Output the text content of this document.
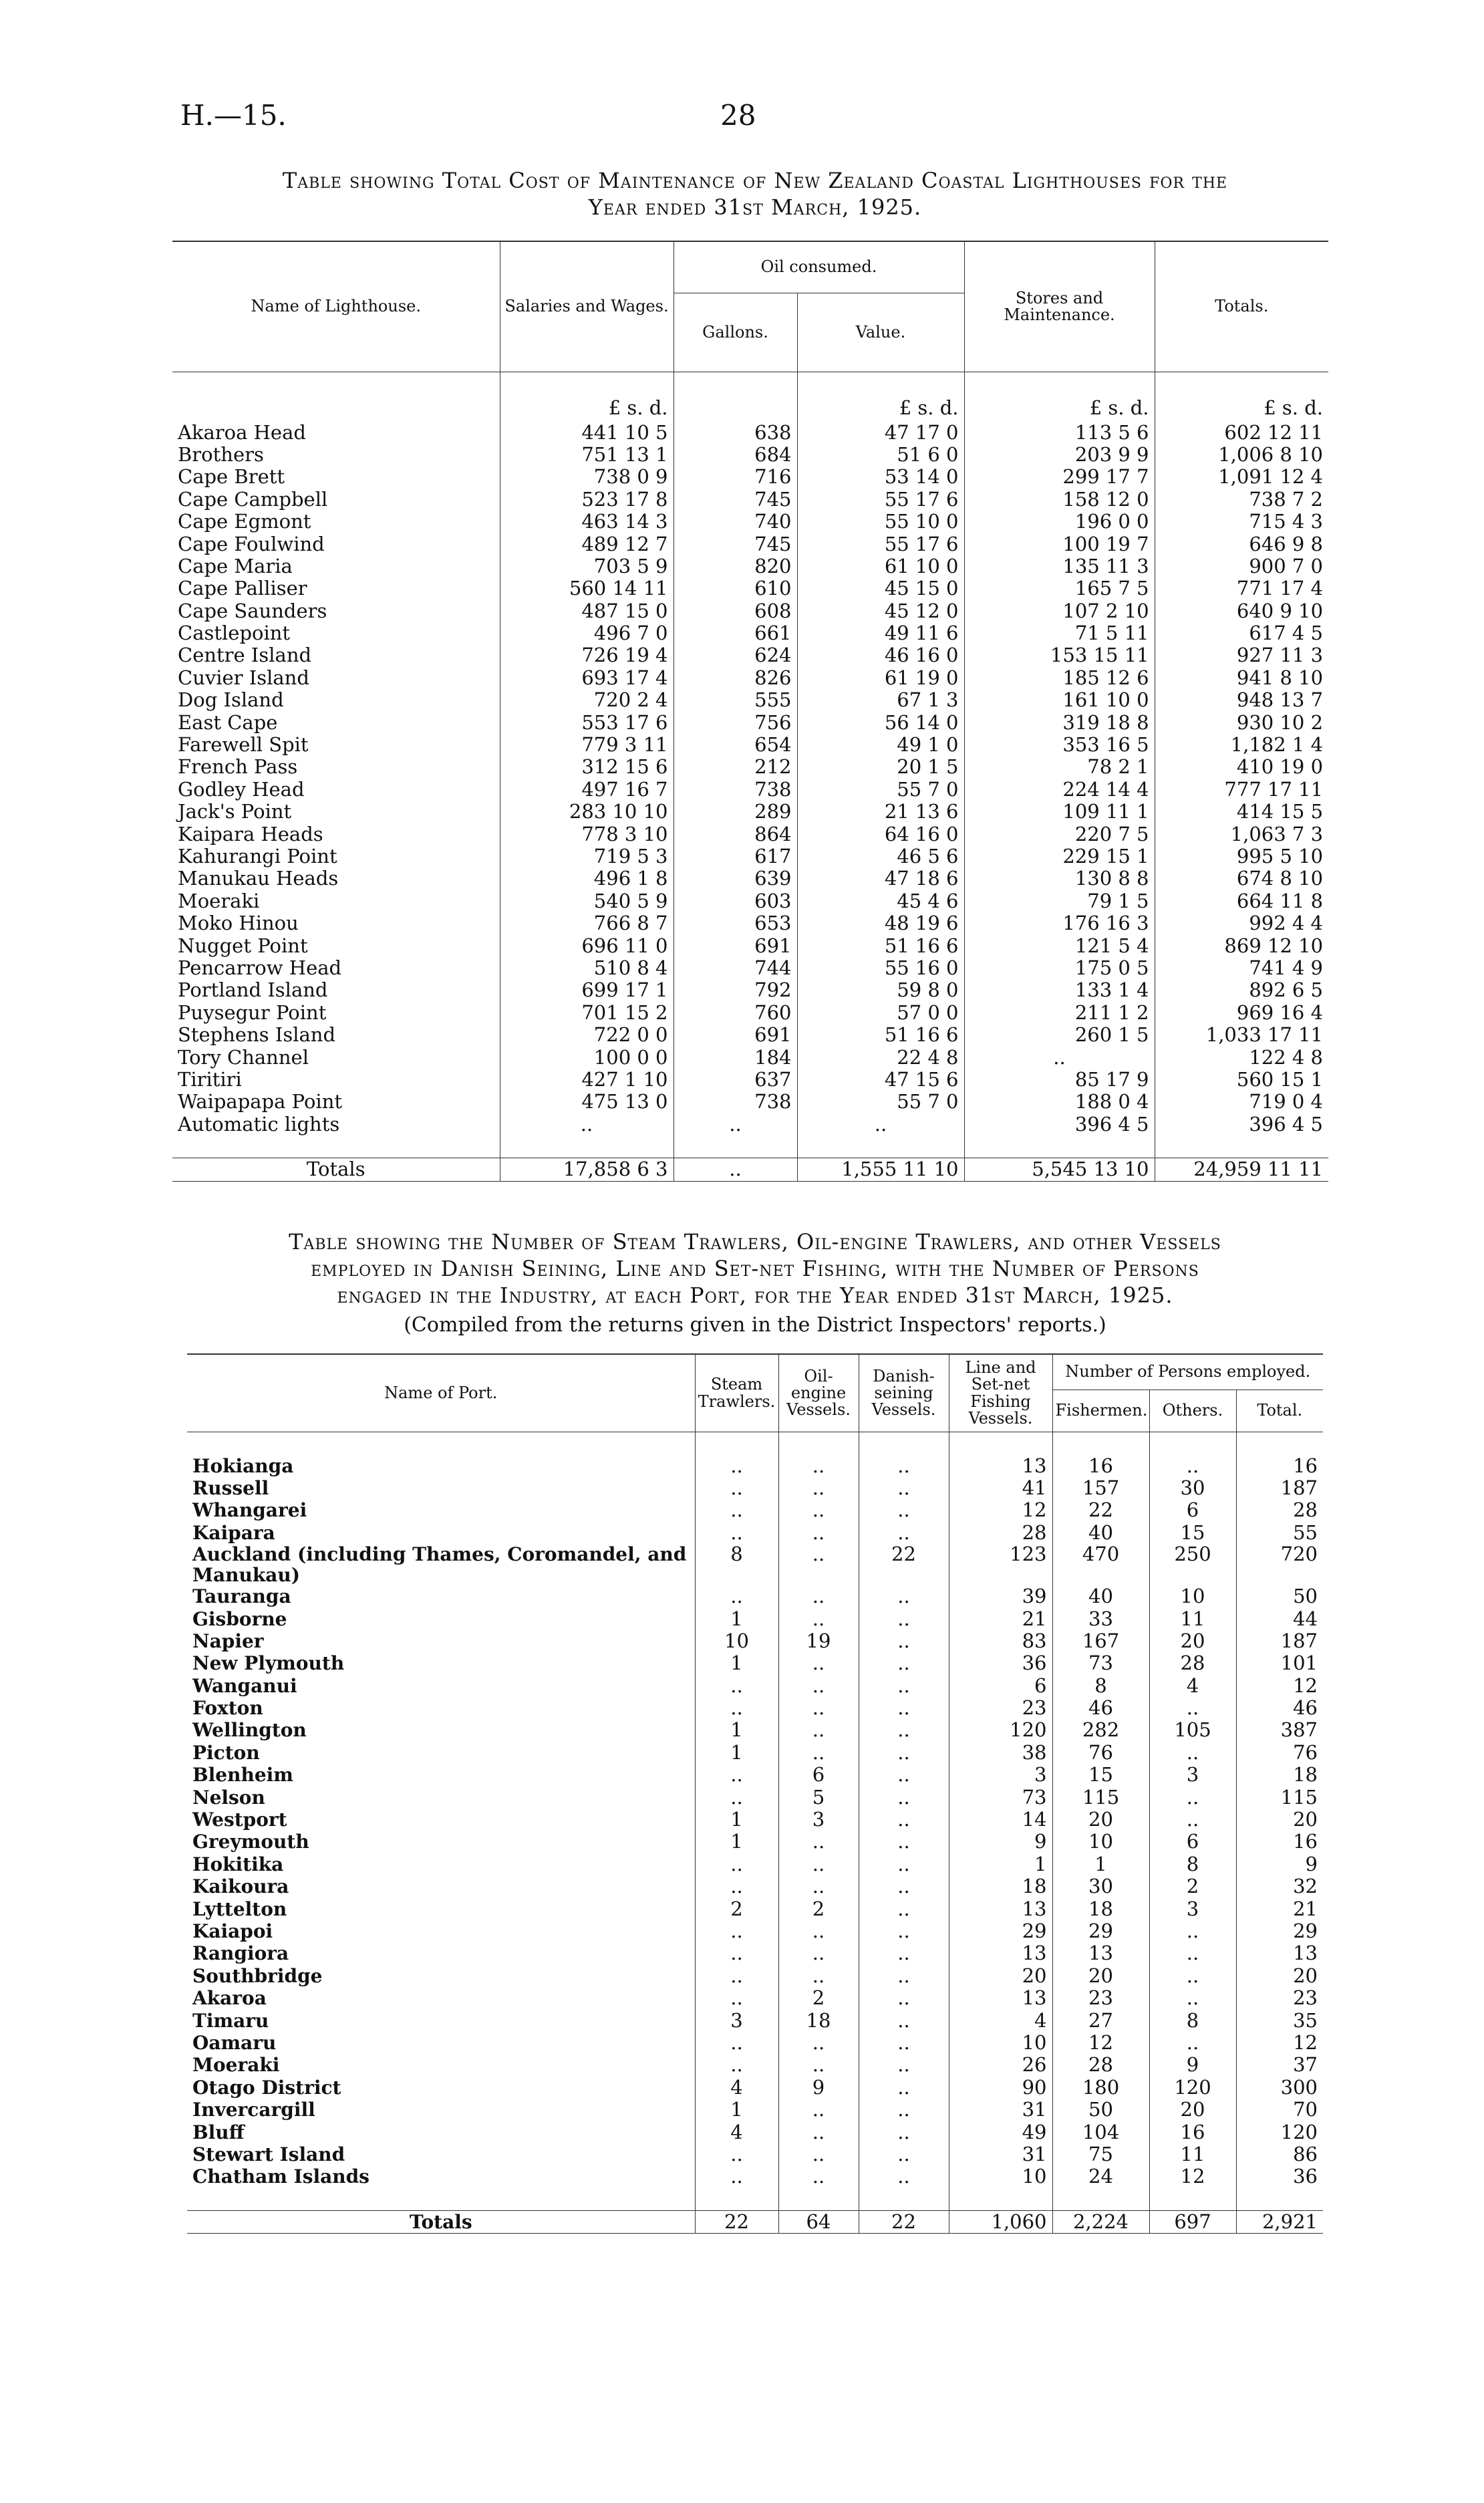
H.—15.	28
Table showing Total Cost of Maintenance of New Zealand Coastal Lighthouses for the
Year ended 31st March, 1925.
Name of Lighthouse.	Salaries and Wages.	Oil consumed.		Stores and Maintenance.	Totals.
		Gallons.	Value.		

	£ s. d.		£ s. d.	£ s. d.	£ s. d.
Akaroa Head	441 10 5	638	47 17 0	113 5 6	602 12 11
Brothers	751 13 1	684	51 6 0	203 9 9	1,006 8 10
Cape Brett	738 0 9	716	53 14 0	299 17 7	1,091 12 4
Cape Campbell	523 17 8	745	55 17 6	158 12 0	738 7 2
Cape Egmont	463 14 3	740	55 10 0	196 0 0	715 4 3
Cape Foulwind	489 12 7	745	55 17 6	100 19 7	646 9 8
Cape Maria	703 5 9	820	61 10 0	135 11 3	900 7 0
Cape Palliser	560 14 11	610	45 15 0	165 7 5	771 17 4
Cape Saunders	487 15 0	608	45 12 0	107 2 10	640 9 10
Castlepoint	496 7 0	661	49 11 6	71 5 11	617 4 5
Centre Island	726 19 4	624	46 16 0	153 15 11	927 11 3
Cuvier Island	693 17 4	826	61 19 0	185 12 6	941 8 10
Dog Island	720 2 4	555	67 1 3	161 10 0	948 13 7
East Cape	553 17 6	756	56 14 0	319 18 8	930 10 2
Farewell Spit	779 3 11	654	49 1 0	353 16 5	1,182 1 4
French Pass	312 15 6	212	20 1 5	78 2 1	410 19 0
Godley Head	497 16 7	738	55 7 0	224 14 4	777 17 11
Jack's Point	283 10 10	289	21 13 6	109 11 1	414 15 5
Kaipara Heads	778 3 10	864	64 16 0	220 7 5	1,063 7 3
Kahurangi Point	719 5 3	617	46 5 6	229 15 1	995 5 10
Manukau Heads	496 1 8	639	47 18 6	130 8 8	674 8 10
Moeraki	540 5 9	603	45 4 6	79 1 5	664 11 8
Moko Hinou	766 8 7	653	48 19 6	176 16 3	992 4 4
Nugget Point	696 11 0	691	51 16 6	121 5 4	869 12 10
Pencarrow Head	510 8 4	744	55 16 0	175 0 5	741 4 9
Portland Island	699 17 1	792	59 8 0	133 1 4	892 6 5
Puysegur Point	701 15 2	760	57 0 0	211 1 2	969 16 4
Stephens Island	722 0 0	691	51 16 6	260 1 5	1,033 17 11
Tory Channel	100 0 0	184	22 4 8	..	122 4 8
Tiritiri	427 1 10	637	47 15 6	85 17 9	560 15 1
Waipapapa Point	475 13 0	738	55 7 0	188 0 4	719 0 4
Automatic lights	..	..	..	396 4 5	396 4 5

Totals	17,858 6 3	..	1,555 11 10	5,545 13 10	24,959 11 11
Table showing the Number of Steam Trawlers, Oil-engine Trawlers, and other Vessels
employed in Danish Seining, Line and Set-net Fishing, with the Number of Persons
engaged in the Industry, at each Port, for the Year ended 31st March, 1925.
(Compiled from the returns given in the District Inspectors' reports.)
Name of Port.	Steam Trawlers.	Oil-engine Vessels.	Danish-seining Vessels.	Line and Set-net Fishing Vessels.	Number of Persons employed.		
					Fishermen.	Others.	Total.

Hokianga	..	..	..	13	16	..	16
Russell	..	..	..	41	157	30	187
Whangarei	..	..	..	12	22	6	28
Kaipara	..	..	..	28	40	15	55
Auckland (including Thames, Coromandel, and Manukau)	8	..	22	123	470	250	720
Tauranga	..	..	..	39	40	10	50
Gisborne	1	..	..	21	33	11	44
Napier	10	19	..	83	167	20	187
New Plymouth	1	..	..	36	73	28	101
Wanganui	..	..	..	6	8	4	12
Foxton	..	..	..	23	46	..	46
Wellington	1	..	..	120	282	105	387
Picton	1	..	..	38	76	..	76
Blenheim	..	6	..	3	15	3	18
Nelson	..	5	..	73	115	..	115
Westport	1	3	..	14	20	..	20
Greymouth	1	..	..	9	10	6	16
Hokitika	..	..	..	1	1	8	9
Kaikoura	..	..	..	18	30	2	32
Lyttelton	2	2	..	13	18	3	21
Kaiapoi	..	..	..	29	29	..	29
Rangiora	..	..	..	13	13	..	13
Southbridge	..	..	..	20	20	..	20
Akaroa	..	2	..	13	23	..	23
Timaru	3	18	..	4	27	8	35
Oamaru	..	..	..	10	12	..	12
Moeraki	..	..	..	26	28	9	37
Otago District	4	9	..	90	180	120	300
Invercargill	1	..	..	31	50	20	70
Bluff	4	..	..	49	104	16	120
Stewart Island	..	..	..	31	75	11	86
Chatham Islands	..	..	..	10	24	12	36

Totals	22	64	22	1,060	2,224	697	2,921
